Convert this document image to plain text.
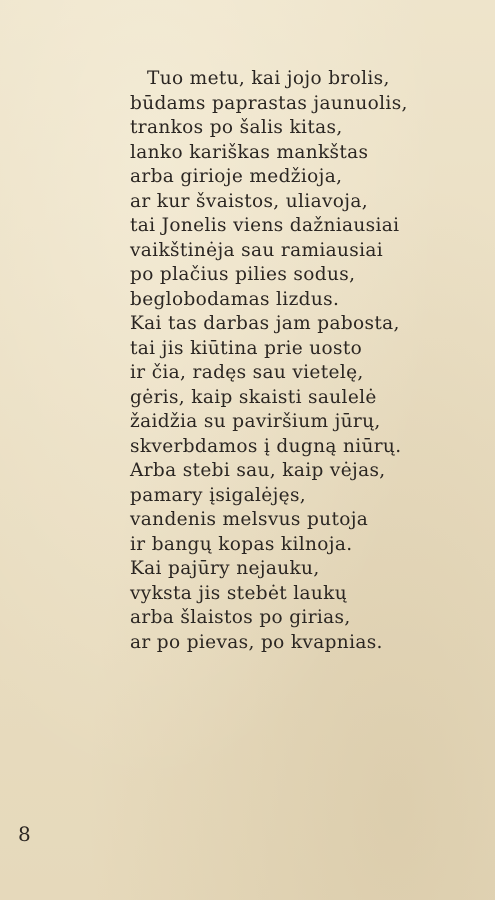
Tuo metu, kai jojo brolis,
būdams paprastas jaunuolis,
trankos po šalis kitas,
lanko kariškas mankštas
arba girioje medžioja,
ar kur švaistos, uliavoja,
tai Jonelis viens dažniausiai
vaikštinėja sau ramiausiai
po plačius pilies sodus,
beglobodamas lizdus.
Kai tas darbas jam pabosta,
tai jis kiūtina prie uosto
ir čia, radęs sau vietelę,
gėris, kaip skaisti saulelė
žaidžia su paviršium jūrų,
skverbdamos į dugną niūrų.
Arba stebi sau, kaip vėjas,
pamary įsigalėjęs,
vandenis melsvus putoja
ir bangų kopas kilnoja.
Kai pajūry nejauku,
vyksta jis stebėt laukų
arba šlaistos po girias,
ar po pievas, po kvapnias.
8
